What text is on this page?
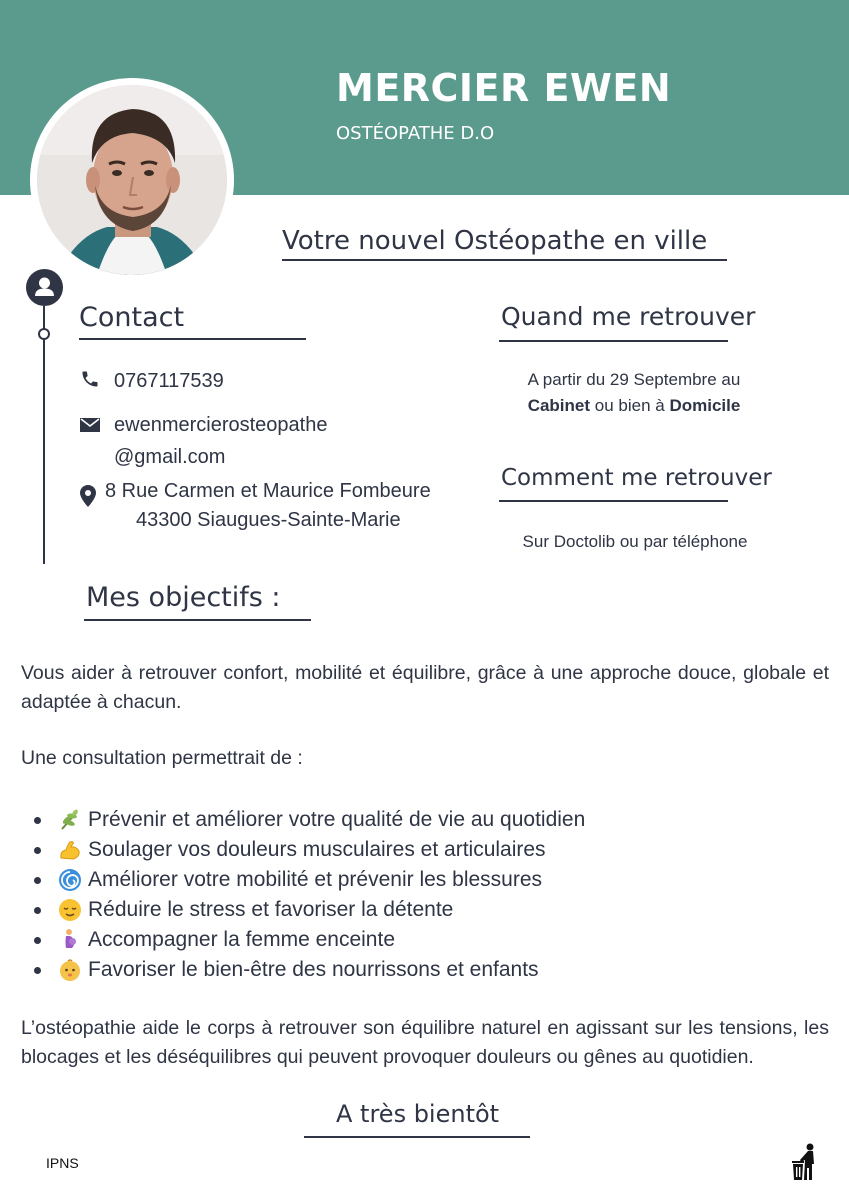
MERCIER EWEN
OSTÉOPATHE D.O
Votre nouvel Ostéopathe en ville
Contact
0767117539
ewenmercierosteopathe
@gmail.com
8 Rue Carmen et Maurice Fombeure
43300 Siaugues-Sainte-Marie
Quand me retrouver
A partir du 29 Septembre au
Cabinet ou bien à Domicile
Comment me retrouver
Sur Doctolib ou par téléphone
Mes objectifs :
Vous aider à retrouver confort, mobilité et équilibre, grâce à une approche douce, globale et adaptée à chacun.
Une consultation permettrait de :
Prévenir et améliorer votre qualité de vie au quotidien
Soulager vos douleurs musculaires et articulaires
Améliorer votre mobilité et prévenir les blessures
Réduire le stress et favoriser la détente
Accompagner la femme enceinte
Favoriser le bien-être des nourrissons et enfants
L’ostéopathie aide le corps à retrouver son équilibre naturel en agissant sur les tensions, les blocages et les déséquilibres qui peuvent provoquer douleurs ou gênes au quotidien.
A très bientôt
IPNS
